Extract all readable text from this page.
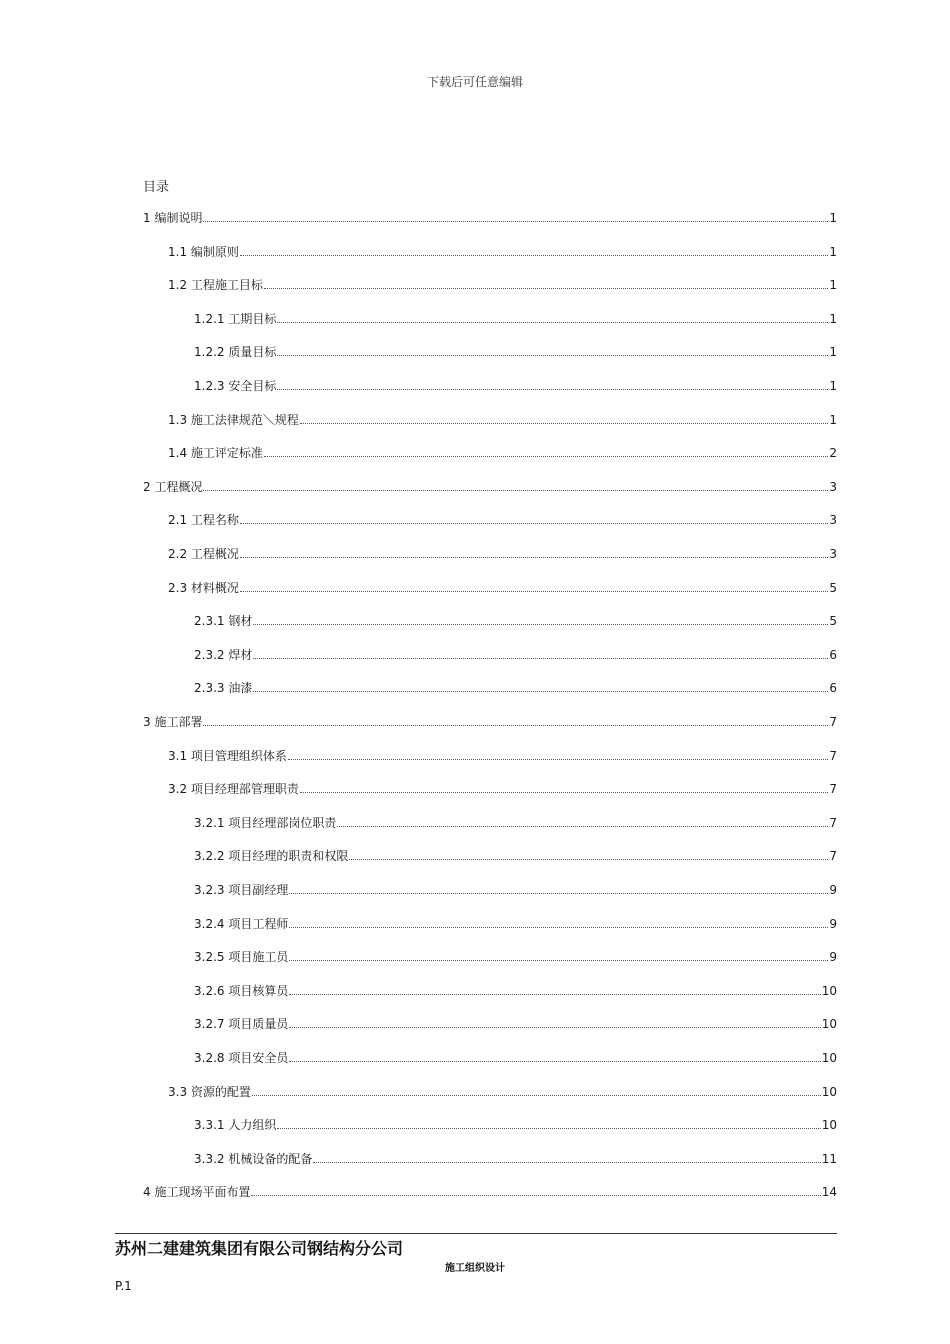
下载后可任意编辑
目录
1 编制说明	1
1.1 编制原则	1
1.2 工程施工目标	1
1.2.1 工期目标	1
1.2.2 质量目标	1
1.2.3 安全目标	1
1.3 施工法律规范＼规程	1
1.4 施工评定标准	2
2 工程概况	3
2.1 工程名称	3
2.2 工程概况	3
2.3 材料概况	5
2.3.1 钢材	5
2.3.2 焊材	6
2.3.3 油漆	6
3 施工部署	7
3.1 项目管理组织体系	7
3.2 项目经理部管理职责	7
3.2.1 项目经理部岗位职责	7
3.2.2 项目经理的职责和权限	7
3.2.3 项目副经理	9
3.2.4 项目工程师	9
3.2.5 项目施工员	9
3.2.6 项目核算员	10
3.2.7 项目质量员	10
3.2.8 项目安全员	10
3.3 资源的配置	10
3.3.1 人力组织	10
3.3.2 机械设备的配备	11
4 施工现场平面布置	14
苏州二建建筑集团有限公司钢结构分公司
施工组织设计
P.1
